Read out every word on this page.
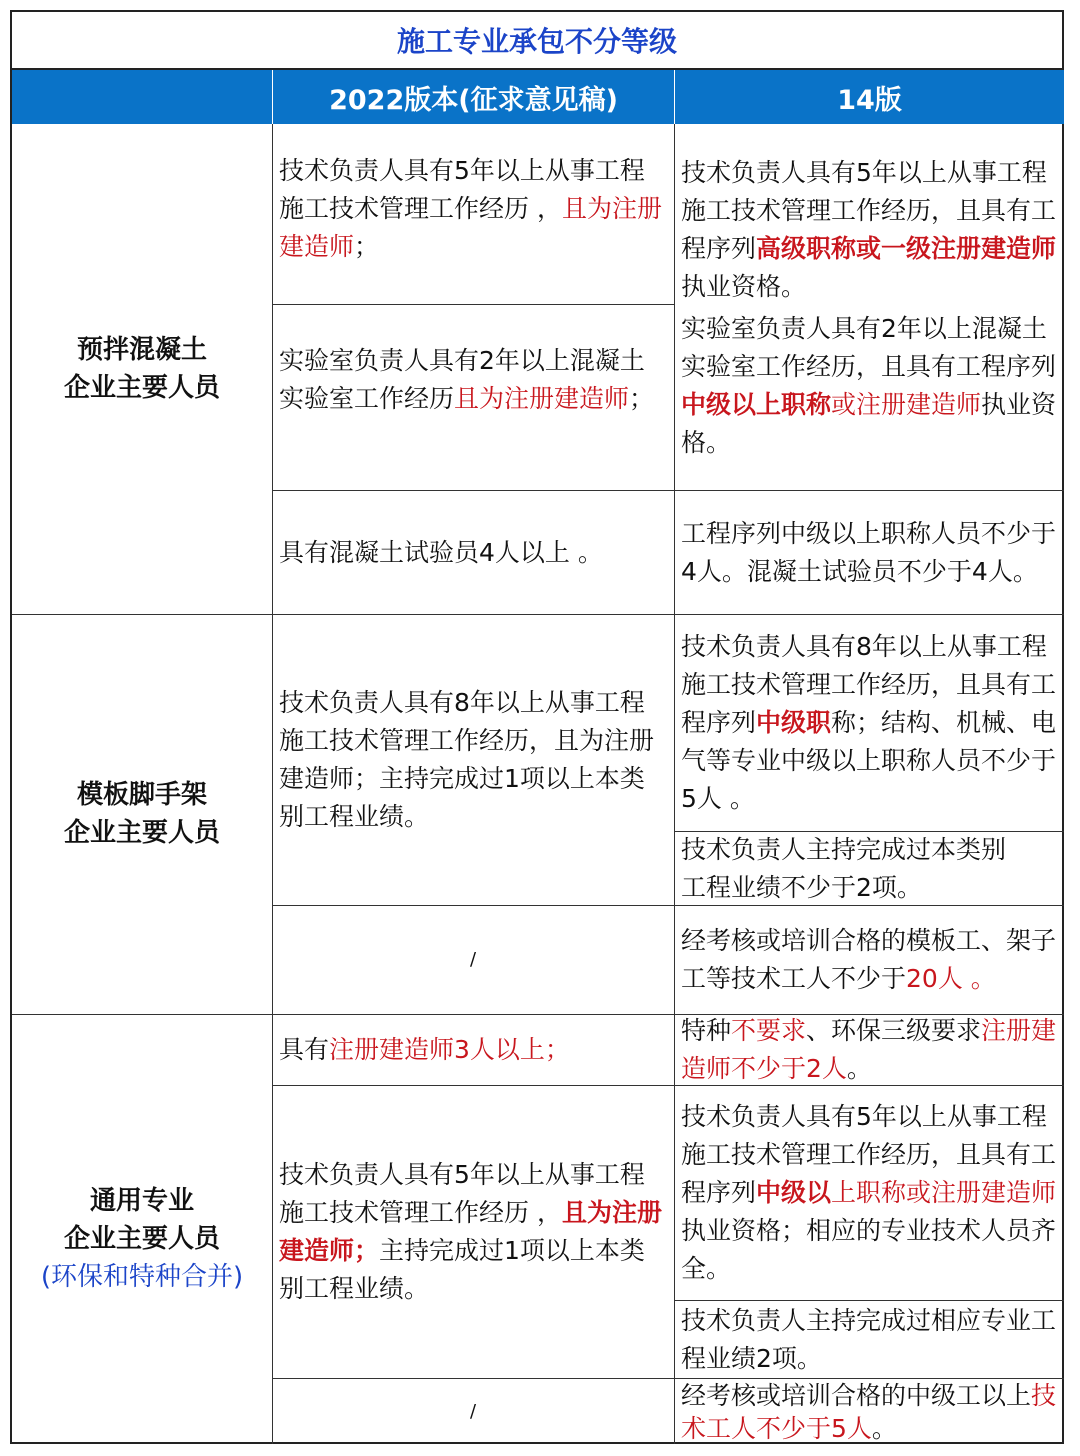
施工专业承包不分等级
2022版本(征求意见稿)	14版
预拌混凝土
企业主要人员
模板脚手架
企业主要人员
通用专业
企业主要人员
(环保和特种合并)
技术负责人具有5年以上从事工程施工技术管理工作经历 ，且为注册建造师；
实验室负责人具有2年以上混凝土实验室工作经历且为注册建造师；
技术负责人具有5年以上从事工程施工技术管理工作经历，且具有工程序列高级职称或一级注册建造师执业资格。
实验室负责人具有2年以上混凝土实验室工作经历，且具有工程序列中级以上职称或注册建造师执业资格。
具有混凝土试验员4人以上 。
工程序列中级以上职称人员不少于4人。混凝土试验员不少于4人。
技术负责人具有8年以上从事工程施工技术管理工作经历，且为注册建造师；主持完成过1项以上本类别工程业绩。
技术负责人具有8年以上从事工程施工技术管理工作经历，且具有工程序列中级职称；结构、机械、电气等专业中级以上职称人员不少于5人 。
技术负责人主持完成过本类别工程业绩不少于2项。
/
经考核或培训合格的模板工、架子工等技术工人不少于20人 。
具有注册建造师3人以上；
特种不要求、环保三级要求注册建造师不少于2人。
技术负责人具有5年以上从事工程施工技术管理工作经历 ，且为注册建造师；主持完成过1项以上本类别工程业绩。
技术负责人具有5年以上从事工程施工技术管理工作经历，且具有工程序列中级以上职称或注册建造师执业资格；相应的专业技术人员齐全。
技术负责人主持完成过相应专业工程业绩2项。
/
经考核或培训合格的中级工以上技术工人不少于5人。
